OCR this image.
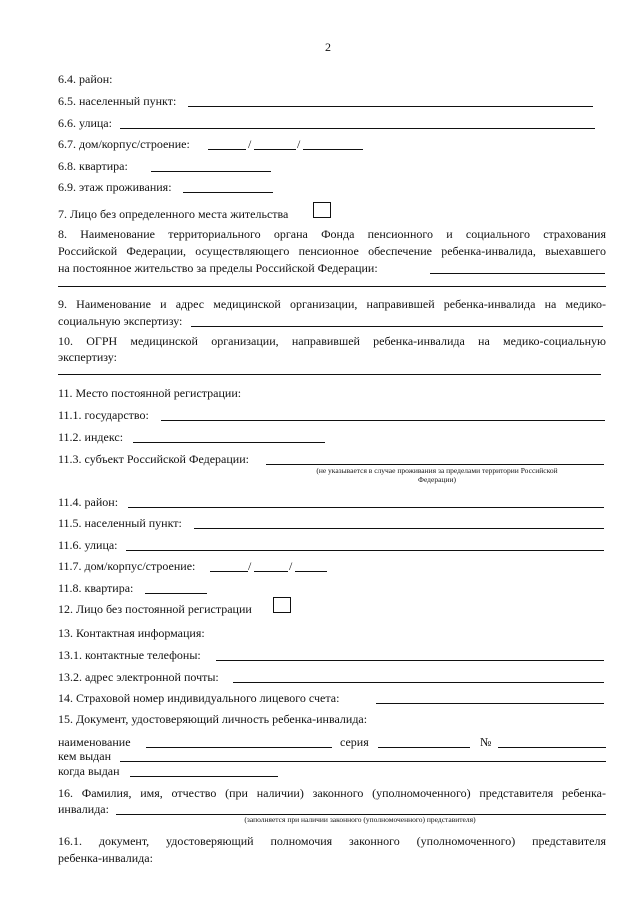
2
6.4. район:
6.5. населенный пункт:
6.6. улица:
6.7. дом/корпус/строение:	/	/
6.8. квартира:
6.9. этаж проживания:
7. Лицо без определенного места жительства
8. Наименование территориального органа Фонда пенсионного и социального страхования
Российской Федерации, осуществляющего пенсионное обеспечение ребенка-инвалида, выехавшего
на постоянное жительство за пределы Российской Федерации:
9. Наименование и адрес медицинской организации, направившей ребенка-инвалида на медико-
социальную экспертизу:
10. ОГРН медицинской организации, направившей ребенка-инвалида на медико-социальную
экспертизу:
11. Место постоянной регистрации:
11.1. государство:
11.2. индекс:
11.3. субъект Российской Федерации:
(не указывается в случае проживания за пределами территории Российской
Федерации)
11.4. район:
11.5. населенный пункт:
11.6. улица:
11.7. дом/корпус/строение:	/	/
11.8. квартира:
12. Лицо без постоянной регистрации
13. Контактная информация:
13.1. контактные телефоны:
13.2. адрес электронной почты:
14. Страховой номер индивидуального лицевого счета:
15. Документ, удостоверяющий личность ребенка-инвалида:
наименование	серия	№
кем выдан
когда выдан
16. Фамилия, имя, отчество (при наличии) законного (уполномоченного) представителя ребенка-
инвалида:
(заполняется при наличии законного (уполномоченного) представителя)
16.1. документ, удостоверяющий полномочия законного (уполномоченного) представителя
ребенка-инвалида:
